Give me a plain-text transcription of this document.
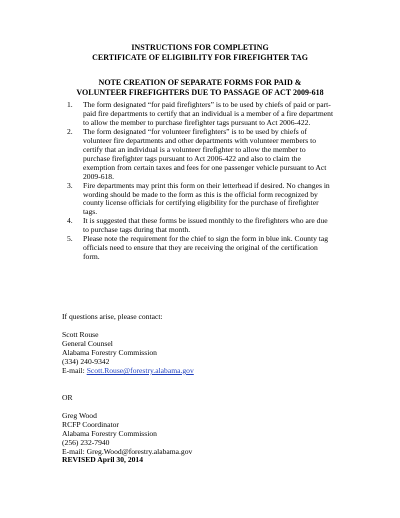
INSTRUCTIONS FOR COMPLETING
CERTIFICATE OF ELIGIBILITY FOR FIREFIGHTER TAG
NOTE CREATION OF SEPARATE FORMS FOR PAID &
VOLUNTEER FIREFIGHTERS DUE TO PASSAGE OF ACT 2009-618
1. The form designated “for paid firefighters” is to be used by chiefs of paid or part-
paid fire departments to certify that an individual is a member of a fire department
to allow the member to purchase firefighter tags pursuant to Act 2006-422.
2. The form designated “for volunteer firefighters” is to be used by chiefs of
volunteer fire departments and other departments with volunteer members to
certify that an individual is a volunteer firefighter to allow the member to
purchase firefighter tags pursuant to Act 2006-422 and also to claim the
exemption from certain taxes and fees for one passenger vehicle pursuant to Act
2009-618.
3. Fire departments may print this form on their letterhead if desired. No changes in
wording should be made to the form as this is the official form recognized by
county license officials for certifying eligibility for the purchase of firefighter
tags.
4. It is suggested that these forms be issued monthly to the firefighters who are due
to purchase tags during that month.
5. Please note the requirement for the chief to sign the form in blue ink. County tag
officials need to ensure that they are receiving the original of the certification
form.

If questions arise, please contact:

Scott Rouse
General Counsel
Alabama Forestry Commission
(334) 240-9342
E-mail: Scott.Rouse@forestry.alabama.gov

OR

Greg Wood
RCFP Coordinator
Alabama Forestry Commission
(256) 232-7940
E-mail: Greg.Wood@forestry.alabama.gov

REVISED April 30, 2014
